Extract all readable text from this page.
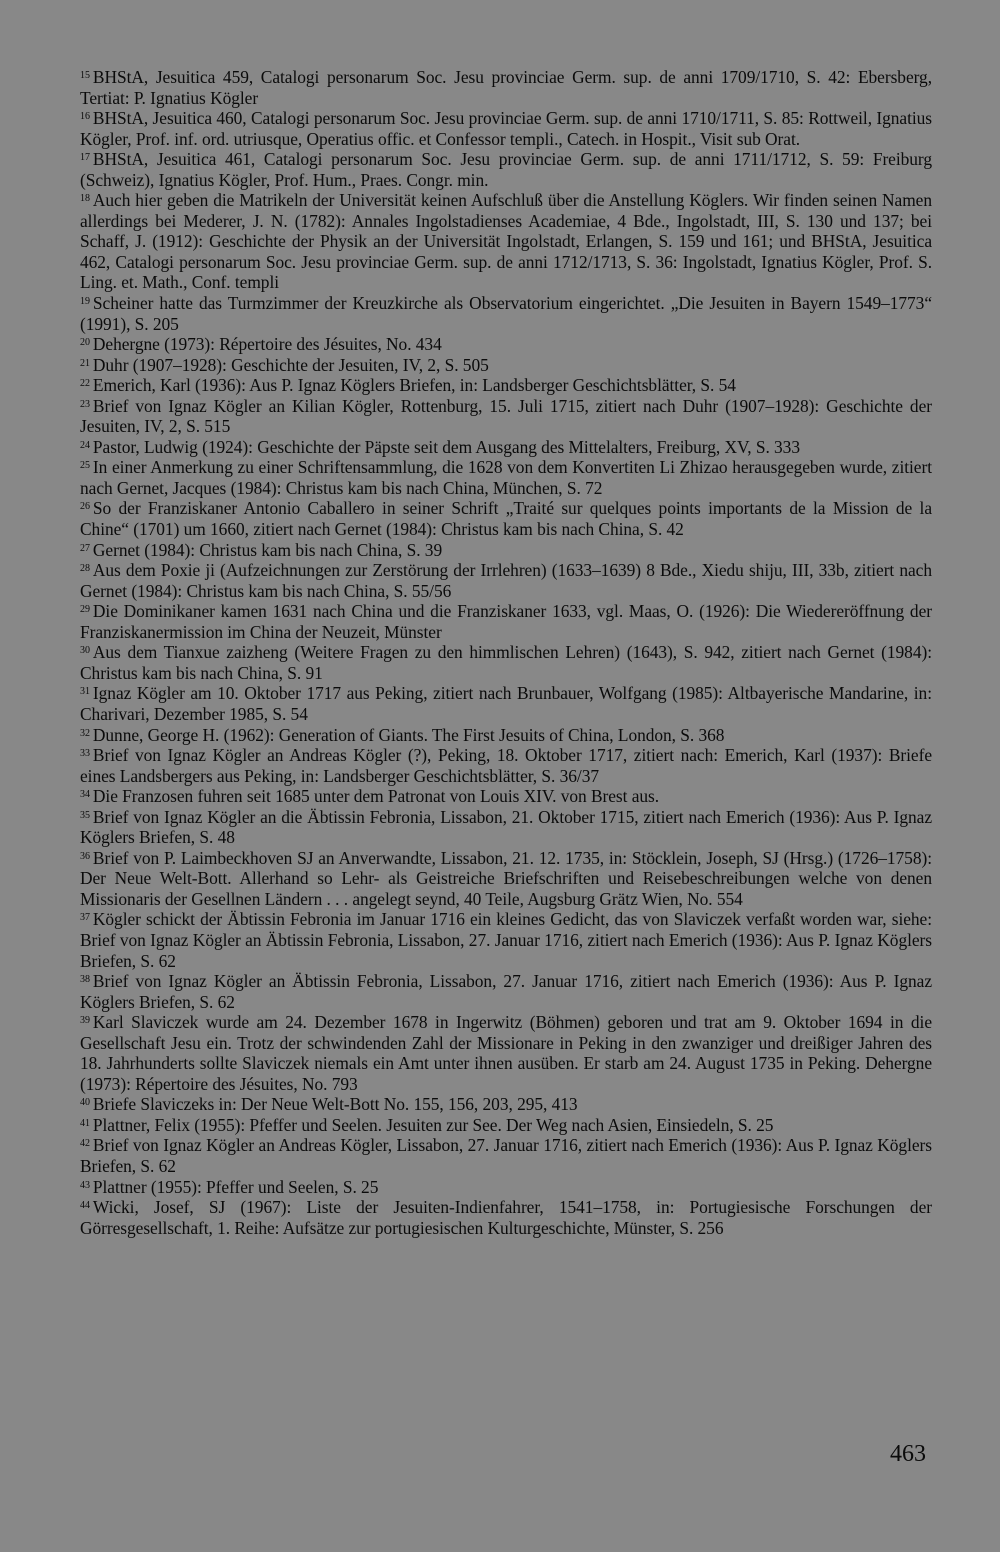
$^{15}$ BHStA, Jesuitica 459, Catalogi personarum Soc. Jesu provinciae Germ. sup. de anni 1709/1710, S. 42: Ebersberg, Tertiat: P. Ignatius Kögler

$^{16}$ BHStA, Jesuitica 460, Catalogi personarum Soc. Jesu provinciae Germ. sup. de anni 1710/1711, S. 85: Rottweil, Ignatius Kögler, Prof. inf. ord. utriusque, Operatius offic. et Confessor templi., Catech. in Hospit., Visit sub Orat.

$^{17}$ BHStA, Jesuitica 461, Catalogi personarum Soc. Jesu provinciae Germ. sup. de anni 1711/1712, S. 59: Freiburg (Schweiz), Ignatius Kögler, Prof. Hum., Praes. Congr. min.

$^{18}$ Auch hier geben die Matrikeln der Universität keinen Aufschluß über die Anstellung Köglers. Wir finden seinen Namen allerdings bei Mederer, J. N. (1782): Annales Ingolstadienses Academiae, 4 Bde., Ingolstadt, III, S. 130 und 137; bei Schaff, J. (1912): Geschichte der Physik an der Universität Ingolstadt, Erlangen, S. 159 und 161; und BHStA, Jesuitica 462, Catalogi personarum Soc. Jesu provinciae Germ. sup. de anni 1712/1713, S. 36: Ingolstadt, Ignatius Kögler, Prof. S. Ling. et. Math., Conf. templi

$^{19}$ Scheiner hatte das Turmzimmer der Kreuzkirche als Observatorium eingerichtet. „Die Jesuiten in Bayern 1549–1773“ (1991), S. 205

$^{20}$ Dehergne (1973): Répertoire des Jésuites, No. 434

$^{21}$ Duhr (1907–1928): Geschichte der Jesuiten, IV, 2, S. 505

$^{22}$ Emerich, Karl (1936): Aus P. Ignaz Köglers Briefen, in: Landsberger Geschichtsblätter, S. 54

$^{23}$ Brief von Ignaz Kögler an Kilian Kögler, Rottenburg, 15. Juli 1715, zitiert nach Duhr (1907–1928): Geschichte der Jesuiten, IV, 2, S. 515

$^{24}$ Pastor, Ludwig (1924): Geschichte der Päpste seit dem Ausgang des Mittelalters, Freiburg, XV, S. 333

$^{25}$ In einer Anmerkung zu einer Schriftensammlung, die 1628 von dem Konvertiten Li Zhizao herausgegeben wurde, zitiert nach Gernet, Jacques (1984): Christus kam bis nach China, München, S. 72

$^{26}$ So der Franziskaner Antonio Caballero in seiner Schrift „Traité sur quelques points importants de la Mission de la Chine“ (1701) um 1660, zitiert nach Gernet (1984): Christus kam bis nach China, S. 42

$^{27}$ Gernet (1984): Christus kam bis nach China, S. 39

$^{28}$ Aus dem Poxie ji (Aufzeichnungen zur Zerstörung der Irrlehren) (1633–1639) 8 Bde., Xiedu shiju, III, 33b, zitiert nach Gernet (1984): Christus kam bis nach China, S. 55/56

$^{29}$ Die Dominikaner kamen 1631 nach China und die Franziskaner 1633, vgl. Maas, O. (1926): Die Wiedereröffnung der Franziskanermission im China der Neuzeit, Münster

$^{30}$ Aus dem Tianxue zaizheng (Weitere Fragen zu den himmlischen Lehren) (1643), S. 942, zitiert nach Gernet (1984): Christus kam bis nach China, S. 91

$^{31}$ Ignaz Kögler am 10. Oktober 1717 aus Peking, zitiert nach Brunbauer, Wolfgang (1985): Altbayerische Mandarine, in: Charivari, Dezember 1985, S. 54

$^{32}$ Dunne, George H. (1962): Generation of Giants. The First Jesuits of China, London, S. 368

$^{33}$ Brief von Ignaz Kögler an Andreas Kögler (?), Peking, 18. Oktober 1717, zitiert nach: Emerich, Karl (1937): Briefe eines Landsbergers aus Peking, in: Landsberger Geschichtsblätter, S. 36/37

$^{34}$ Die Franzosen fuhren seit 1685 unter dem Patronat von Louis XIV. von Brest aus.

$^{35}$ Brief von Ignaz Kögler an die Äbtissin Febronia, Lissabon, 21. Oktober 1715, zitiert nach Emerich (1936): Aus P. Ignaz Köglers Briefen, S. 48

$^{36}$ Brief von P. Laimbeckhoven SJ an Anverwandte, Lissabon, 21. 12. 1735, in: Stöcklein, Joseph, SJ (Hrsg.) (1726–1758): Der Neue Welt-Bott. Allerhand so Lehr- als Geistreiche Briefschriften und Reisebeschreibungen welche von denen Missionaris der Gesellnen Ländern . . . angelegt seynd, 40 Teile, Augsburg Grätz Wien, No. 554

$^{37}$ Kögler schickt der Äbtissin Febronia im Januar 1716 ein kleines Gedicht, das von Slaviczek verfaßt worden war, siehe: Brief von Ignaz Kögler an Äbtissin Febronia, Lissabon, 27. Januar 1716, zitiert nach Emerich (1936): Aus P. Ignaz Köglers Briefen, S. 62

$^{38}$ Brief von Ignaz Kögler an Äbtissin Febronia, Lissabon, 27. Januar 1716, zitiert nach Emerich (1936): Aus P. Ignaz Köglers Briefen, S. 62

$^{39}$ Karl Slaviczek wurde am 24. Dezember 1678 in Ingerwitz (Böhmen) geboren und trat am 9. Oktober 1694 in die Gesellschaft Jesu ein. Trotz der schwindenden Zahl der Missionare in Peking in den zwanziger und dreißiger Jahren des 18. Jahrhunderts sollte Slaviczek niemals ein Amt unter ihnen ausüben. Er starb am 24. August 1735 in Peking. Dehergne (1973): Répertoire des Jésuites, No. 793

$^{40}$ Briefe Slaviczeks in: Der Neue Welt-Bott No. 155, 156, 203, 295, 413

$^{41}$ Plattner, Felix (1955): Pfeffer und Seelen. Jesuiten zur See. Der Weg nach Asien, Einsiedeln, S. 25

$^{42}$ Brief von Ignaz Kögler an Andreas Kögler, Lissabon, 27. Januar 1716, zitiert nach Emerich (1936): Aus P. Ignaz Köglers Briefen, S. 62

$^{43}$ Plattner (1955): Pfeffer und Seelen, S. 25

$^{44}$ Wicki, Josef, SJ (1967): Liste der Jesuiten-Indienfahrer, 1541–1758, in: Portugiesische Forschungen der Görresgesellschaft, 1. Reihe: Aufsätze zur portugiesischen Kulturgeschichte, Münster, S. 256

463
